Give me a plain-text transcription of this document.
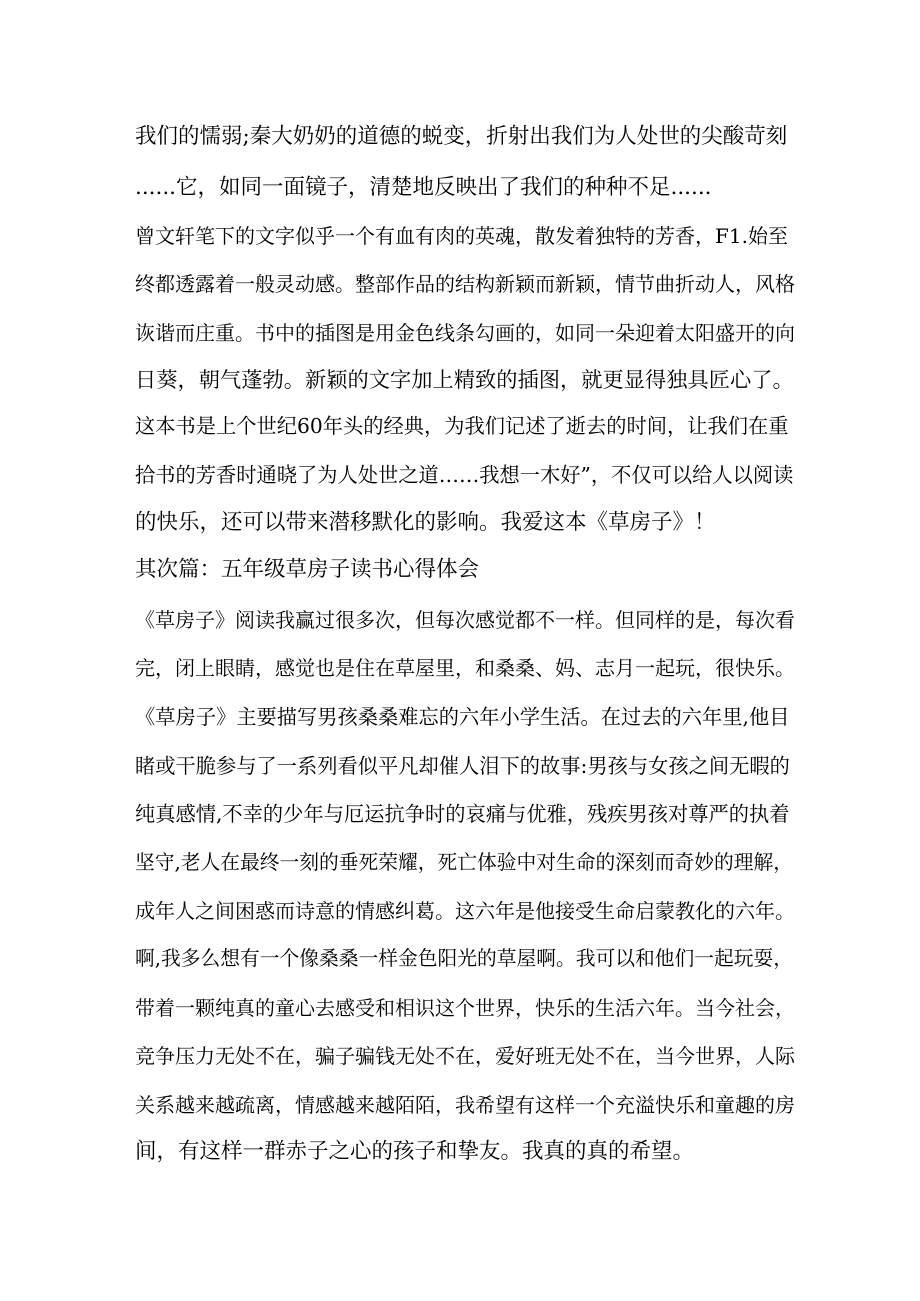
我们的懦弱;秦大奶奶的道德的蜕变，折射出我们为人处世的尖酸苛刻
......它，如同一面镜子，清楚地反映出了我们的种种不足......
曾文轩笔下的文字似乎一个有血有肉的英魂，散发着独特的芳香，F1.始至
终都透露着一般灵动感。整部作品的结构新颖而新颖，情节曲折动人，风格
诙谐而庄重。书中的插图是用金色线条勾画的，如同一朵迎着太阳盛开的向
日葵，朝气蓬勃。新颖的文字加上精致的插图，就更显得独具匠心了。
这本书是上个世纪60年头的经典，为我们记述了逝去的时间，让我们在重
拾书的芳香时通晓了为人处世之道……我想一木好”，不仅可以给人以阅读
的快乐，还可以带来潜移默化的影响。我爱这本《草房子》！
其次篇：五年级草房子读书心得体会
《草房子》阅读我赢过很多次，但每次感觉都不一样。但同样的是，每次看
完，闭上眼睛，感觉也是住在草屋里，和桑桑、妈、志月一起玩，很快乐。
《草房子》主要描写男孩桑桑难忘的六年小学生活。在过去的六年里,他目
睹或干脆参与了一系列看似平凡却催人泪下的故事:男孩与女孩之间无暇的
纯真感情,不幸的少年与厄运抗争时的哀痛与优雅，残疾男孩对尊严的执着
坚守,老人在最终一刻的垂死荣耀，死亡体验中对生命的深刻而奇妙的理解，
成年人之间困惑而诗意的情感纠葛。这六年是他接受生命启蒙教化的六年。
啊,我多么想有一个像桑桑一样金色阳光的草屋啊。我可以和他们一起玩耍，
带着一颗纯真的童心去感受和相识这个世界，快乐的生活六年。当今社会，
竞争压力无处不在，骗子骗钱无处不在，爱好班无处不在，当今世界，人际
关系越来越疏离，情感越来越陌陌，我希望有这样一个充溢快乐和童趣的房
间，有这样一群赤子之心的孩子和挚友。我真的真的希望。
